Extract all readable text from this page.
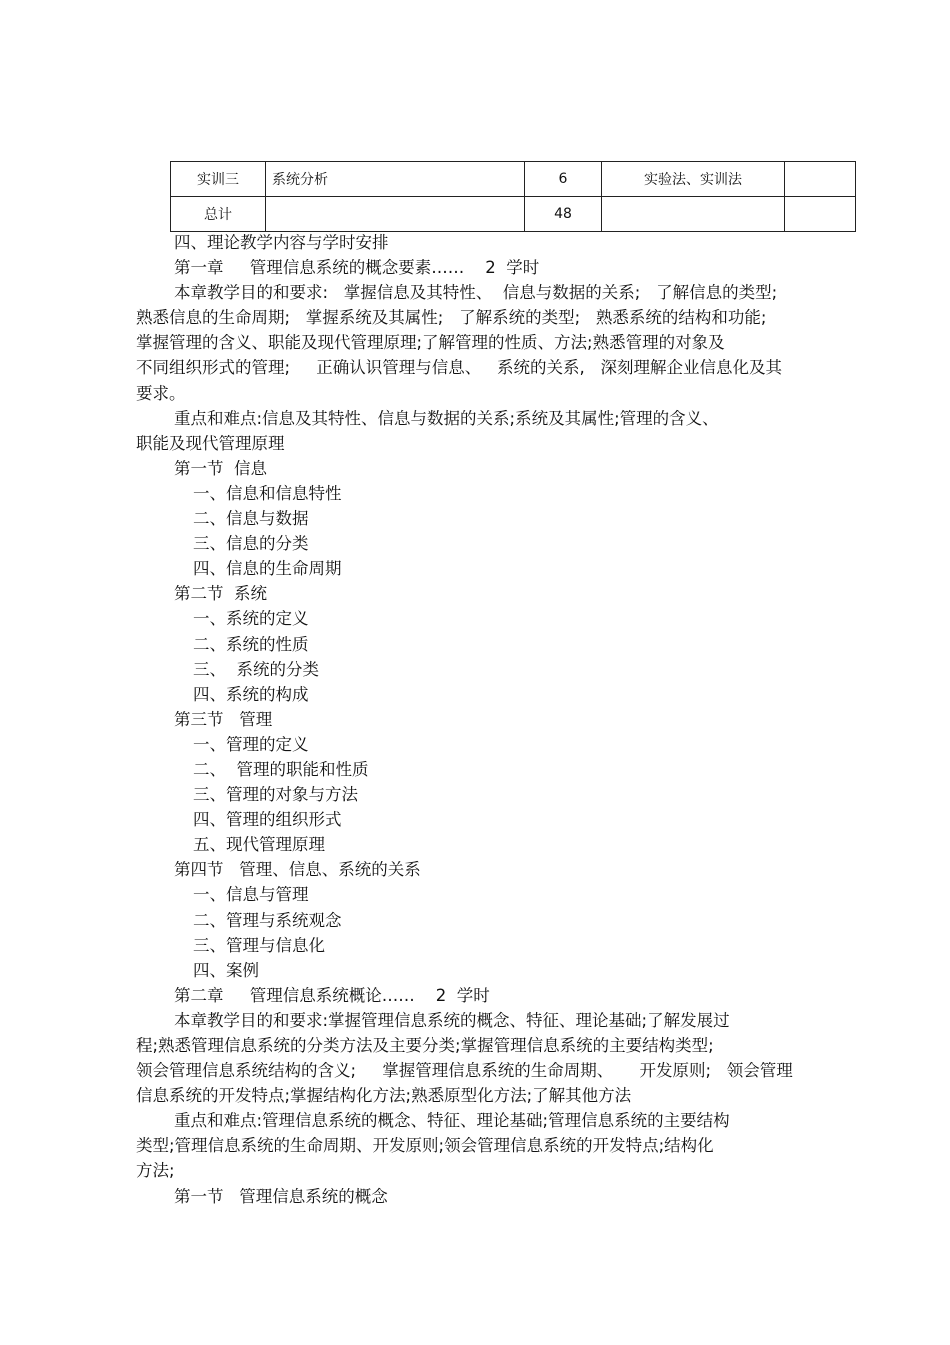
实训三	系统分析	6	实验法、实训法	
总计		48		
四、理论教学内容与学时安排
第一章     管理信息系统的概念要素……    2  学时
本章教学目的和要求:   掌握信息及其特性、  信息与数据的关系;   了解信息的类型;
熟悉信息的生命周期;   掌握系统及其属性;   了解系统的类型;   熟悉系统的结构和功能;
掌握管理的含义、职能及现代管理原理;了解管理的性质、方法;熟悉管理的对象及
不同组织形式的管理;     正确认识管理与信息、   系统的关系,   深刻理解企业信息化及其
要求。
重点和难点:信息及其特性、信息与数据的关系;系统及其属性;管理的含义、
职能及现代管理原理
第一节  信息
一、信息和信息特性
二、信息与数据
三、信息的分类
四、信息的生命周期
第二节  系统
一、系统的定义
二、系统的性质
三、  系统的分类
四、系统的构成
第三节   管理
一、管理的定义
二、  管理的职能和性质
三、管理的对象与方法
四、管理的组织形式
五、现代管理原理
第四节   管理、信息、系统的关系
一、信息与管理
二、管理与系统观念
三、管理与信息化
四、案例
第二章     管理信息系统概论……    2  学时
本章教学目的和要求:掌握管理信息系统的概念、特征、理论基础;了解发展过
程;熟悉管理信息系统的分类方法及主要分类;掌握管理信息系统的主要结构类型;
领会管理信息系统结构的含义;     掌握管理信息系统的生命周期、     开发原则;   领会管理
信息系统的开发特点;掌握结构化方法;熟悉原型化方法;了解其他方法
重点和难点:管理信息系统的概念、特征、理论基础;管理信息系统的主要结构
类型;管理信息系统的生命周期、开发原则;领会管理信息系统的开发特点;结构化
方法;
第一节   管理信息系统的概念
